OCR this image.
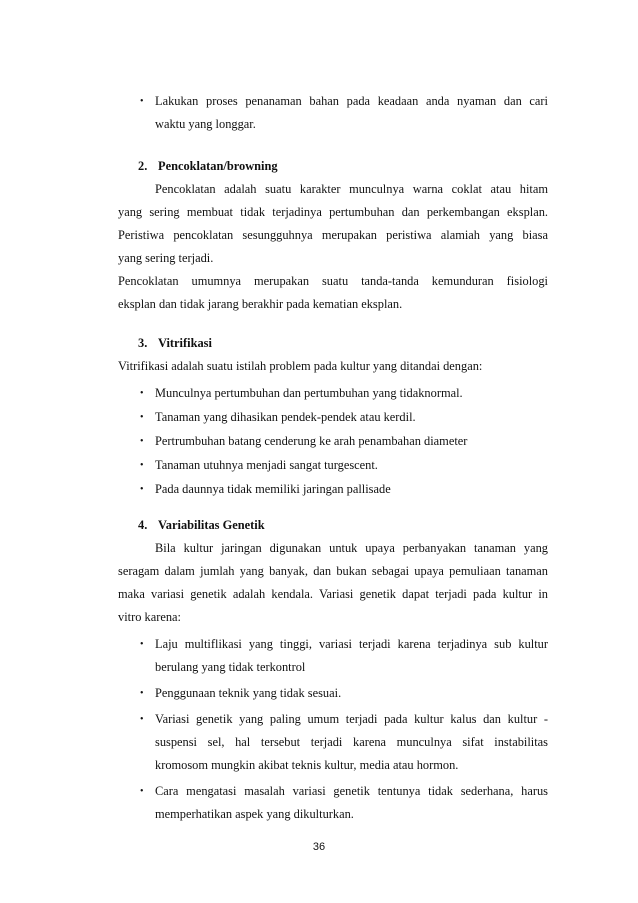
• Lakukan proses penanaman bahan pada keadaan anda nyaman dan cari
waktu yang longgar.
2. Pencoklatan/browning
Pencoklatan adalah suatu karakter munculnya warna coklat atau hitam
yang sering membuat tidak terjadinya pertumbuhan dan perkembangan eksplan.
Peristiwa pencoklatan sesungguhnya merupakan peristiwa alamiah yang biasa
yang sering terjadi.
Pencoklatan umumnya merupakan suatu tanda-tanda kemunduran fisiologi
eksplan dan tidak jarang berakhir pada kematian eksplan.
3. Vitrifikasi
Vitrifikasi adalah suatu istilah problem pada kultur yang ditandai dengan:
• Munculnya pertumbuhan dan pertumbuhan yang tidaknormal.
• Tanaman yang dihasikan pendek-pendek atau kerdil.
• Pertrumbuhan batang cenderung ke arah penambahan diameter
• Tanaman utuhnya menjadi sangat turgescent.
• Pada daunnya tidak memiliki jaringan pallisade
4. Variabilitas Genetik
Bila kultur jaringan digunakan untuk upaya perbanyakan tanaman yang
seragam dalam jumlah yang banyak, dan bukan sebagai upaya pemuliaan tanaman
maka variasi genetik adalah kendala. Variasi genetik dapat terjadi pada kultur in
vitro karena:
• Laju multiflikasi yang tinggi, variasi terjadi karena terjadinya sub kultur
berulang yang tidak terkontrol
• Penggunaan teknik yang tidak sesuai.
• Variasi genetik yang paling umum terjadi pada kultur kalus dan kultur -
suspensi sel, hal tersebut terjadi karena munculnya sifat instabilitas
kromosom mungkin akibat teknis kultur, media atau hormon.
• Cara mengatasi masalah variasi genetik tentunya tidak sederhana, harus
memperhatikan aspek yang dikulturkan.
36
